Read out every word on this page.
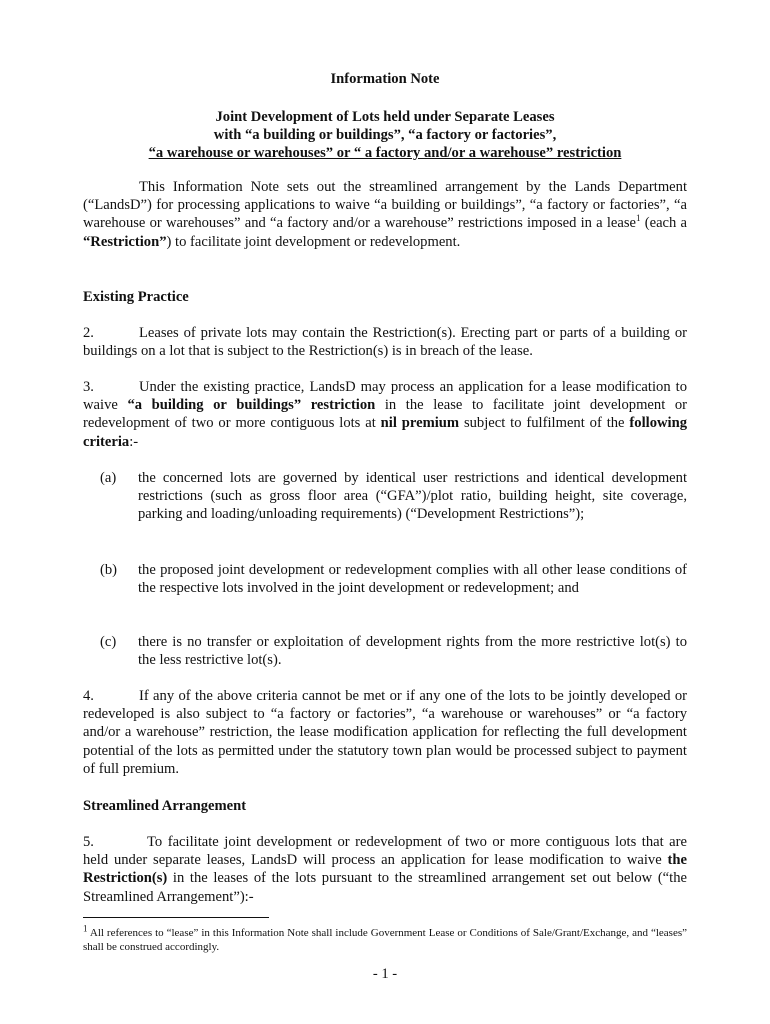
Information Note
Joint Development of Lots held under Separate Leases
with “a building or buildings”, “a factory or factories”,
“a warehouse or warehouses” or “ a factory and/or a warehouse” restriction
This Information Note sets out the streamlined arrangement by the Lands Department (“LandsD”) for processing applications to waive “a building or buildings”, “a factory or factories”, “a warehouse or warehouses” and “a factory and/or a warehouse” restrictions imposed in a lease$^1$ (each a “Restriction”) to facilitate joint development or redevelopment.
Existing Practice
2.	Leases of private lots may contain the Restriction(s). Erecting part or parts of a building or buildings on a lot that is subject to the Restriction(s) is in breach of the lease.
3.	Under the existing practice, LandsD may process an application for a lease modification to waive “a building or buildings” restriction in the lease to facilitate joint development or redevelopment of two or more contiguous lots at nil premium subject to fulfilment of the following criteria:-
(a) the concerned lots are governed by identical user restrictions and identical development restrictions (such as gross floor area (“GFA”)/plot ratio, building height, site coverage, parking and loading/unloading requirements) (“Development Restrictions”);
(b) the proposed joint development or redevelopment complies with all other lease conditions of the respective lots involved in the joint development or redevelopment; and
(c) there is no transfer or exploitation of development rights from the more restrictive lot(s) to the less restrictive lot(s).
4.	If any of the above criteria cannot be met or if any one of the lots to be jointly developed or redeveloped is also subject to “a factory or factories”, “a warehouse or warehouses” or “a factory and/or a warehouse” restriction, the lease modification application for reflecting the full development potential of the lots as permitted under the statutory town plan would be processed subject to payment of full premium.
Streamlined Arrangement
5.	To facilitate joint development or redevelopment of two or more contiguous lots that are held under separate leases, LandsD will process an application for lease modification to waive the Restriction(s) in the leases of the lots pursuant to the streamlined arrangement set out below (“the Streamlined Arrangement”):-
$^1$ All references to “lease” in this Information Note shall include Government Lease or Conditions of Sale/Grant/Exchange, and “leases” shall be construed accordingly.
- 1 -
